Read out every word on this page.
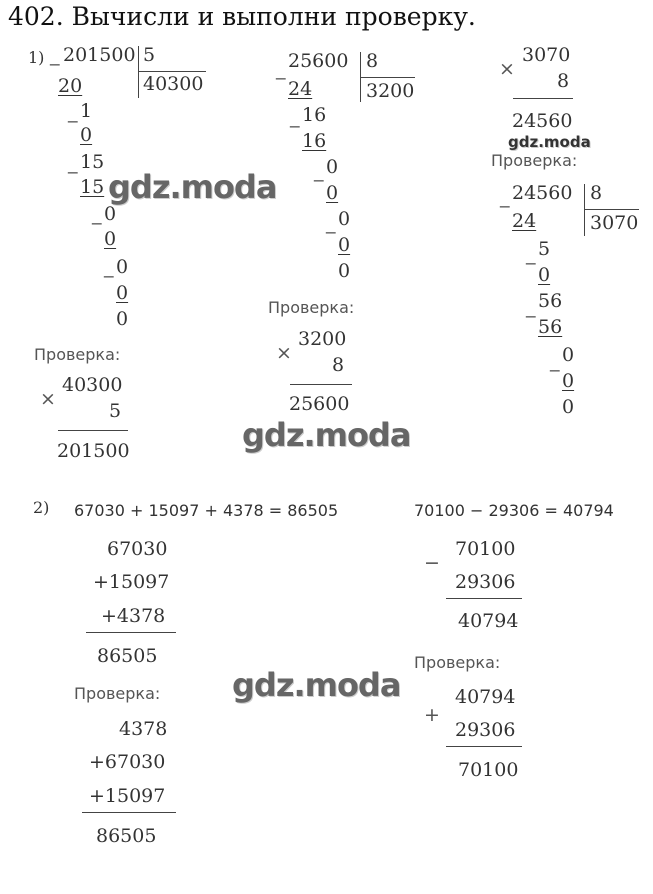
402. Вычисли и выполни проверку.
1) _ 201500 5
40300
20
_ 1
0
_ 15
15
_ 0
0
_ 0
0
0
Проверка:
×
40300
5
201500
_ 25600 8
3200
24
_ 16
16
_ 0
0
_ 0
0
0
Проверка:
×
3200
8
25600
×
3070
8
24560
gdz.moda
Проверка:
_ 24560 8
3070
24
_ 5
0
_ 56
56
_ 0
0
0
gdz.moda
gdz.moda
2) 67030 + 15097 + 4378 = 86505	70100 − 29306 = 40794
67030
+15097
+4378
86505
Проверка:
4378
+67030
+15097
86505
−
70100
29306
40794
Проверка:
+
40794
29306
70100
gdz.moda
